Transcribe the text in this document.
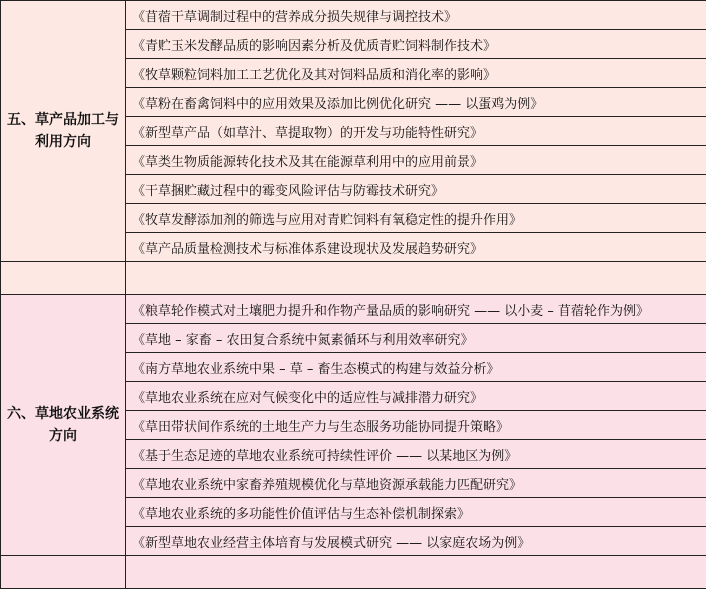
五、草产品加工与利用方向	《苜蓿干草调制过程中的营养成分损失规律与调控技术》
	《青贮玉米发酵品质的影响因素分析及优质青贮饲料制作技术》
	《牧草颗粒饲料加工工艺优化及其对饲料品质和消化率的影响》
	《草粉在畜禽饲料中的应用效果及添加比例优化研究 —— 以蛋鸡为例》
	《新型草产品（如草汁、草提取物）的开发与功能特性研究》
	《草类生物质能源转化技术及其在能源草利用中的应用前景》
	《干草捆贮藏过程中的霉变风险评估与防霉技术研究》
	《牧草发酵添加剂的筛选与应用对青贮饲料有氧稳定性的提升作用》
	《草产品质量检测技术与标准体系建设现状及发展趋势研究》

六、草地农业系统方向	《粮草轮作模式对土壤肥力提升和作物产量品质的影响研究 —— 以小麦 – 苜蓿轮作为例》
	《草地 – 家畜 – 农田复合系统中氮素循环与利用效率研究》
	《南方草地农业系统中果 – 草 – 畜生态模式的构建与效益分析》
	《草地农业系统在应对气候变化中的适应性与减排潜力研究》
	《草田带状间作系统的土地生产力与生态服务功能协同提升策略》
	《基于生态足迹的草地农业系统可持续性评价 —— 以某地区为例》
	《草地农业系统中家畜养殖规模优化与草地资源承载能力匹配研究》
	《草地农业系统的多功能性价值评估与生态补偿机制探索》
	《新型草地农业经营主体培育与发展模式研究 —— 以家庭农场为例》
